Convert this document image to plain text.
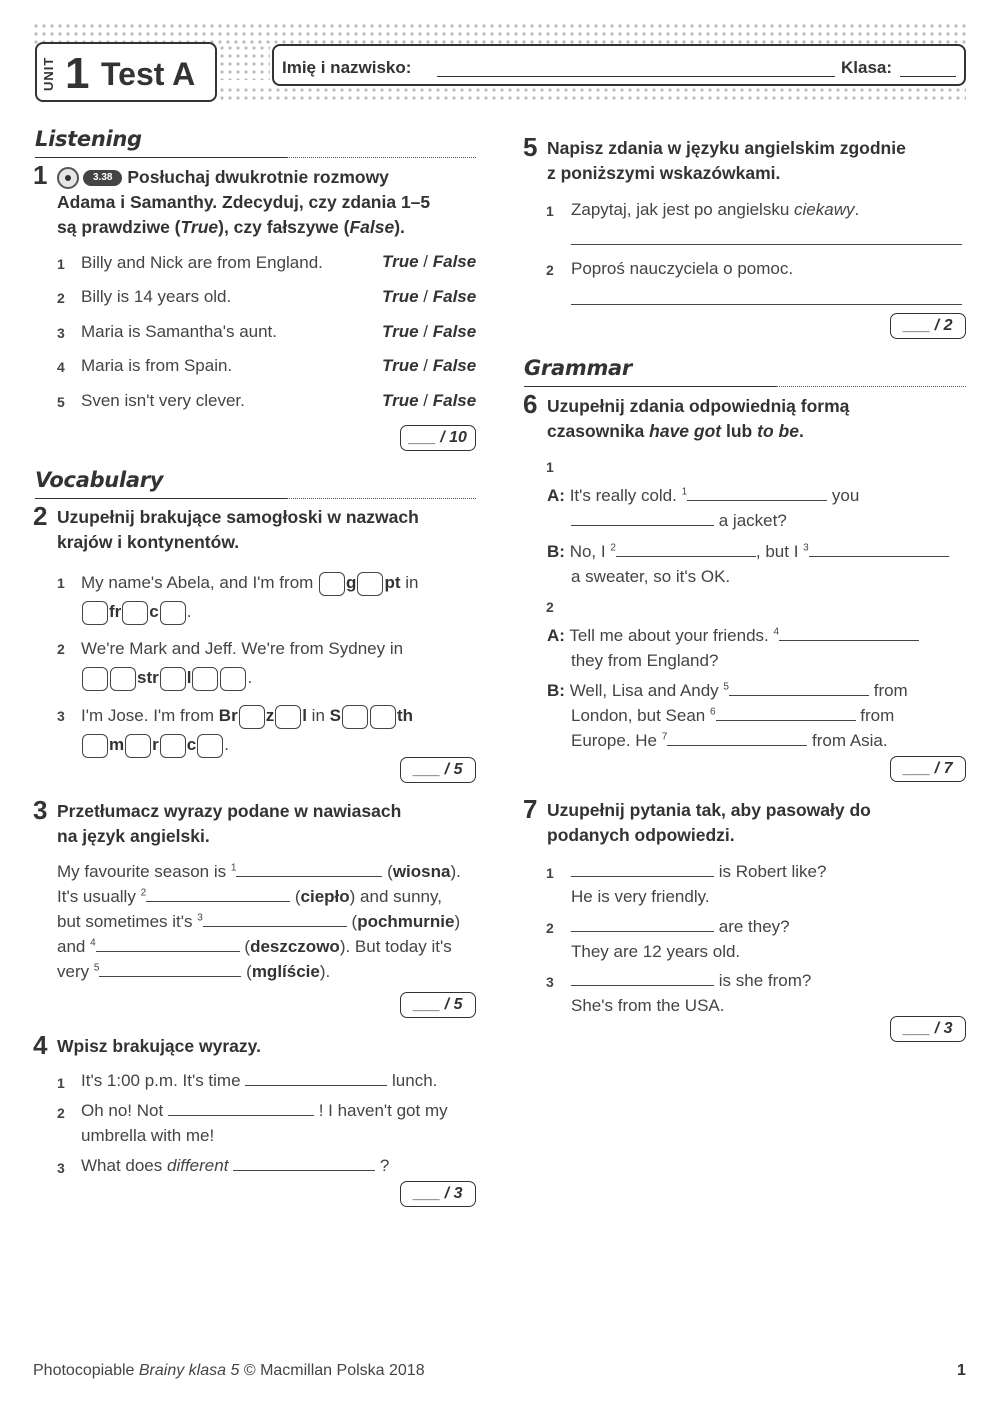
UNIT 1 Test A	Imię i nazwisko:	Klasa:
Listening
1	3.38 Posłuchaj dwukrotnie rozmowy
Adama i Samanthy. Zdecyduj, czy zdania 1–5
są prawdziwe (True), czy fałszywe (False).
1 Billy and Nick are from England.	True / False
2 Billy is 14 years old.	True / False
3 Maria is Samantha's aunt.	True / False
4 Maria is from Spain.	True / False
5 Sven isn't very clever.	True / False
___ / 10
Vocabulary
2 Uzupełnij brakujące samogłoski w nazwach
krajów i kontynentów.
1 My name's Abela, and I'm from g pt in
fr c .
2 We're Mark and Jeff. We're from Sydney in
str l	.
3 I'm Jose. I'm from Br z l in S	th
m r c .
___ / 5
3 Przetłumacz wyrazy podane w nawiasach
na język angielski.
My favourite season is $^1$	(wiosna).
It's usually $^2$	(ciepło) and sunny,
but sometimes it's $^3$	(pochmurnie)
and $^4$	(deszczowo). But today it's
very $^5$	(mglíście).
___ / 5
4 Wpisz brakujące wyrazy.
1 It's 1:00 p.m. It's time	lunch.
2 Oh no! Not	! I haven't got my
umbrella with me!
3 What does different	?
___ / 3
5 Napisz zdania w języku angielskim zgodnie
z poniższymi wskazówkami.
1 Zapytaj, jak jest po angielsku ciekawy.
2 Poproś nauczyciela o pomoc.
___ / 2
Grammar
6 Uzupełnij zdania odpowiednią formą
czasownika have got lub to be.
1
A: It's really cold. $^1$	you
a jacket?
B: No, I $^2$	, but I $^3$
a sweater, so it's OK.
2
A: Tell me about your friends. $^4$
they from England?
B: Well, Lisa and Andy $^5$	from
London, but Sean $^6$	from
Europe. He $^7$	from Asia.
___ / 7
7 Uzupełnij pytania tak, aby pasowały do
podanych odpowiedzi.
1	is Robert like?
He is very friendly.
2	are they?
They are 12 years old.
3	is she from?
She's from the USA.
___ / 3
Photocopiable Brainy klasa 5 © Macmillan Polska 2018	1
